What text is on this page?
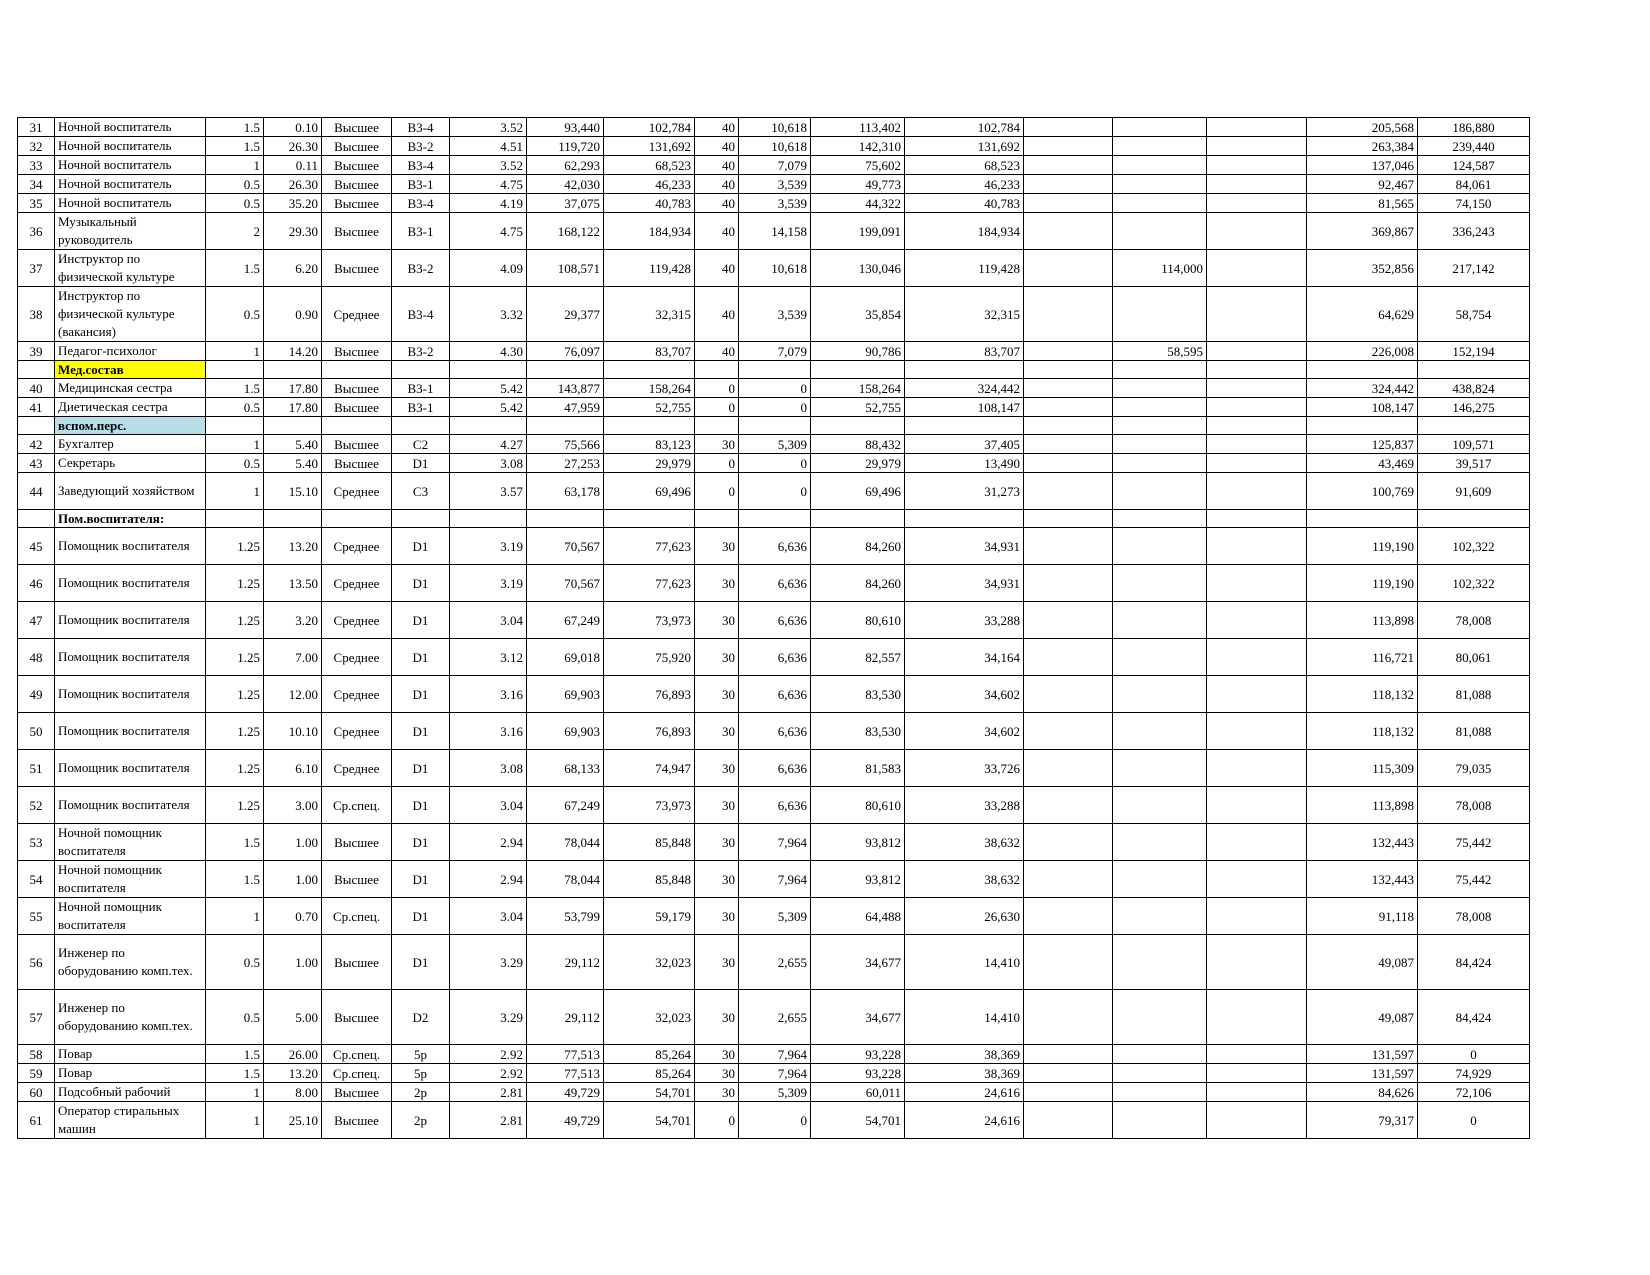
31	Ночной воспитатель	1.5	0.10	Высшее	B3-4	3.52	93,440	102,784	40	10,618	113,402	102,784				205,568	186,880
32	Ночной воспитатель	1.5	26.30	Высшее	B3-2	4.51	119,720	131,692	40	10,618	142,310	131,692				263,384	239,440
33	Ночной воспитатель	1	0.11	Высшее	B3-4	3.52	62,293	68,523	40	7,079	75,602	68,523				137,046	124,587
34	Ночной воспитатель	0.5	26.30	Высшее	B3-1	4.75	42,030	46,233	40	3,539	49,773	46,233				92,467	84,061
35	Ночной воспитатель	0.5	35.20	Высшее	B3-4	4.19	37,075	40,783	40	3,539	44,322	40,783				81,565	74,150
36	Музыкальный руководитель	2	29.30	Высшее	B3-1	4.75	168,122	184,934	40	14,158	199,091	184,934				369,867	336,243
37	Инструктор по физической культуре	1.5	6.20	Высшее	B3-2	4.09	108,571	119,428	40	10,618	130,046	119,428		114,000		352,856	217,142
38	Инструктор по физической культуре (вакансия)	0.5	0.90	Среднее	B3-4	3.32	29,377	32,315	40	3,539	35,854	32,315				64,629	58,754
39	Педагог-психолог	1	14.20	Высшее	B3-2	4.30	76,097	83,707	40	7,079	90,786	83,707		58,595		226,008	152,194
	Мед.состав																
40	Медицинская сестра	1.5	17.80	Высшее	B3-1	5.42	143,877	158,264	0	0	158,264	324,442				324,442	438,824
41	Диетическая сестра	0.5	17.80	Высшее	B3-1	5.42	47,959	52,755	0	0	52,755	108,147				108,147	146,275
	вспом.перс.																
42	Бухгалтер	1	5.40	Высшее	C2	4.27	75,566	83,123	30	5,309	88,432	37,405				125,837	109,571
43	Секретарь	0.5	5.40	Высшее	D1	3.08	27,253	29,979	0	0	29,979	13,490				43,469	39,517
44	Заведующий хозяйством	1	15.10	Среднее	C3	3.57	63,178	69,496	0	0	69,496	31,273				100,769	91,609
	Пом.воспитателя:																
45	Помощник воспитателя	1.25	13.20	Среднее	D1	3.19	70,567	77,623	30	6,636	84,260	34,931				119,190	102,322
46	Помощник воспитателя	1.25	13.50	Среднее	D1	3.19	70,567	77,623	30	6,636	84,260	34,931				119,190	102,322
47	Помощник воспитателя	1.25	3.20	Среднее	D1	3.04	67,249	73,973	30	6,636	80,610	33,288				113,898	78,008
48	Помощник воспитателя	1.25	7.00	Среднее	D1	3.12	69,018	75,920	30	6,636	82,557	34,164				116,721	80,061
49	Помощник воспитателя	1.25	12.00	Среднее	D1	3.16	69,903	76,893	30	6,636	83,530	34,602				118,132	81,088
50	Помощник воспитателя	1.25	10.10	Среднее	D1	3.16	69,903	76,893	30	6,636	83,530	34,602				118,132	81,088
51	Помощник воспитателя	1.25	6.10	Среднее	D1	3.08	68,133	74,947	30	6,636	81,583	33,726				115,309	79,035
52	Помощник воспитателя	1.25	3.00	Ср.спец.	D1	3.04	67,249	73,973	30	6,636	80,610	33,288				113,898	78,008
53	Ночной помощник воспитателя	1.5	1.00	Высшее	D1	2.94	78,044	85,848	30	7,964	93,812	38,632				132,443	75,442
54	Ночной помощник воспитателя	1.5	1.00	Высшее	D1	2.94	78,044	85,848	30	7,964	93,812	38,632				132,443	75,442
55	Ночной помощник воспитателя	1	0.70	Ср.спец.	D1	3.04	53,799	59,179	30	5,309	64,488	26,630				91,118	78,008
56	Инженер по оборудованию комп.тех.	0.5	1.00	Высшее	D1	3.29	29,112	32,023	30	2,655	34,677	14,410				49,087	84,424
57	Инженер по оборудованию комп.тех.	0.5	5.00	Высшее	D2	3.29	29,112	32,023	30	2,655	34,677	14,410				49,087	84,424
58	Повар	1.5	26.00	Ср.спец.	5р	2.92	77,513	85,264	30	7,964	93,228	38,369				131,597	0
59	Повар	1.5	13.20	Ср.спец.	5р	2.92	77,513	85,264	30	7,964	93,228	38,369				131,597	74,929
60	Подсобный рабочий	1	8.00	Высшее	2р	2.81	49,729	54,701	30	5,309	60,011	24,616				84,626	72,106
61	Оператор стиральных машин	1	25.10	Высшее	2р	2.81	49,729	54,701	0	0	54,701	24,616				79,317	0
